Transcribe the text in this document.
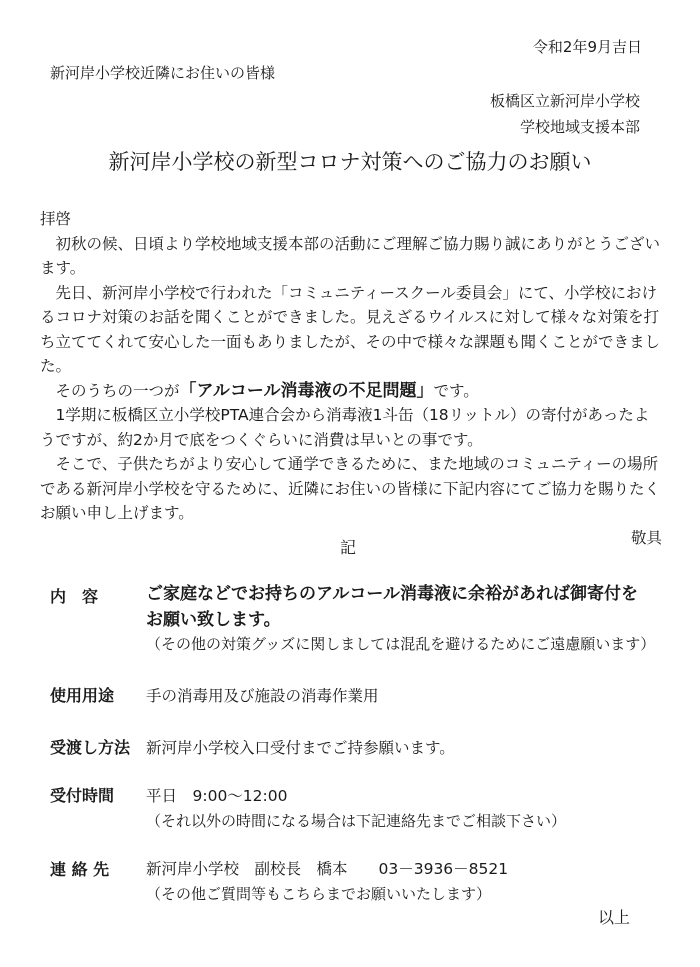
令和2年9月吉日
新河岸小学校近隣にお住いの皆様
板橋区立新河岸小学校
学校地域支援本部
新河岸小学校の新型コロナ対策へのご協力のお願い

拝啓

初秋の候、日頃より学校地域支援本部の活動にご理解ご協力賜り誠にありがとうございます。

先日、新河岸小学校で行われた「コミュニティースクール委員会」にて、小学校におけるコロナ対策のお話を聞くことができました。見えざるウイルスに対して様々な対策を打ち立ててくれて安心した一面もありましたが、その中で様々な課題も聞くことができました。

そのうちの一つが「アルコール消毒液の不足問題」です。

1学期に板橋区立小学校PTA連合会から消毒液1斗缶（18リットル）の寄付があったようですが、約2か月で底をつくぐらいに消費は早いとの事です。

そこで、子供たちがより安心して通学できるために、また地域のコミュニティーの場所である新河岸小学校を守るために、近隣にお住いの皆様に下記内容にてご協力を賜りたくお願い申し上げます。

敬具

記
内　容	ご家庭などでお持ちのアルコール消毒液に余裕があれば御寄付を
お願い致します。
（その他の対策グッズに関しましては混乱を避けるためにご遠慮願います）
使用用途 手の消毒用及び施設の消毒作業用
受渡し方法 新河岸小学校入口受付までご持参願います。
受付時間 平日　9:00～12:00
（それ以外の時間になる場合は下記連絡先までご相談下さい）
連 絡 先 新河岸小学校　副校長　橋本　　03－3936－8521
（その他ご質問等もこちらまでお願いいたします）
以上
